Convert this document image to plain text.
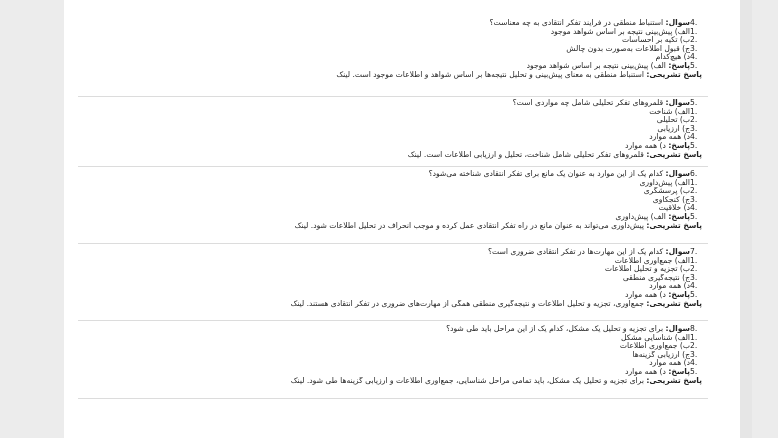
4.سوال: استنباط منطقی در فرآیند تفکر انتقادی به چه معناست؟
1.الف) پیش‌بینی نتیجه بر اساس شواهد موجود
2.ب) تکیه بر احساسات
3.ج) قبول اطلاعات به‌صورت بدون چالش
4.د) هیچ‌کدام
5.پاسخ: الف) پیش‌بینی نتیجه بر اساس شواهد موجود
پاسخ تشریحی: استنباط منطقی به معنای پیش‌بینی و تحلیل نتیجه‌ها بر اساس شواهد و اطلاعات موجود است. لینک
5.سوال: قلمروهای تفکر تحلیلی شامل چه مواردی است؟
1.الف) شناخت
2.ب) تحلیلی
3.ج) ارزیابی
4.د) همه موارد
5.پاسخ: د) همه موارد
پاسخ تشریحی: قلمروهای تفکر تحلیلی شامل شناخت، تحلیل و ارزیابی اطلاعات است. لینک
6.سوال: کدام یک از این موارد به عنوان یک مانع برای تفکر انتقادی شناخته می‌شود؟
1.الف) پیش‌داوری
2.ب) پرسشگری
3.ج) کنجکاوی
4.د) خلاقیت
5.پاسخ: الف) پیش‌داوری
پاسخ تشریحی: پیش‌داوری می‌تواند به عنوان مانع در راه تفکر انتقادی عمل کرده و موجب انحراف در تحلیل اطلاعات شود. لینک
7.سوال: کدام یک از این مهارت‌ها در تفکر انتقادی ضروری است؟
1.الف) جمع‌آوری اطلاعات
2.ب) تجزیه و تحلیل اطلاعات
3.ج) نتیجه‌گیری منطقی
4.د) همه موارد
5.پاسخ: د) همه موارد
پاسخ تشریحی: جمع‌آوری، تجزیه و تحلیل اطلاعات و نتیجه‌گیری منطقی همگی از مهارت‌های ضروری در تفکر انتقادی هستند. لینک
8.سوال: برای تجزیه و تحلیل یک مشکل، کدام یک از این مراحل باید طی شود؟
1.الف) شناسایی مشکل
2.ب) جمع‌آوری اطلاعات
3.ج) ارزیابی گزینه‌ها
4.د) همه موارد
5.پاسخ: د) همه موارد
پاسخ تشریحی: برای تجزیه و تحلیل یک مشکل، باید تمامی مراحل شناسایی، جمع‌آوری اطلاعات و ارزیابی گزینه‌ها طی شود. لینک
